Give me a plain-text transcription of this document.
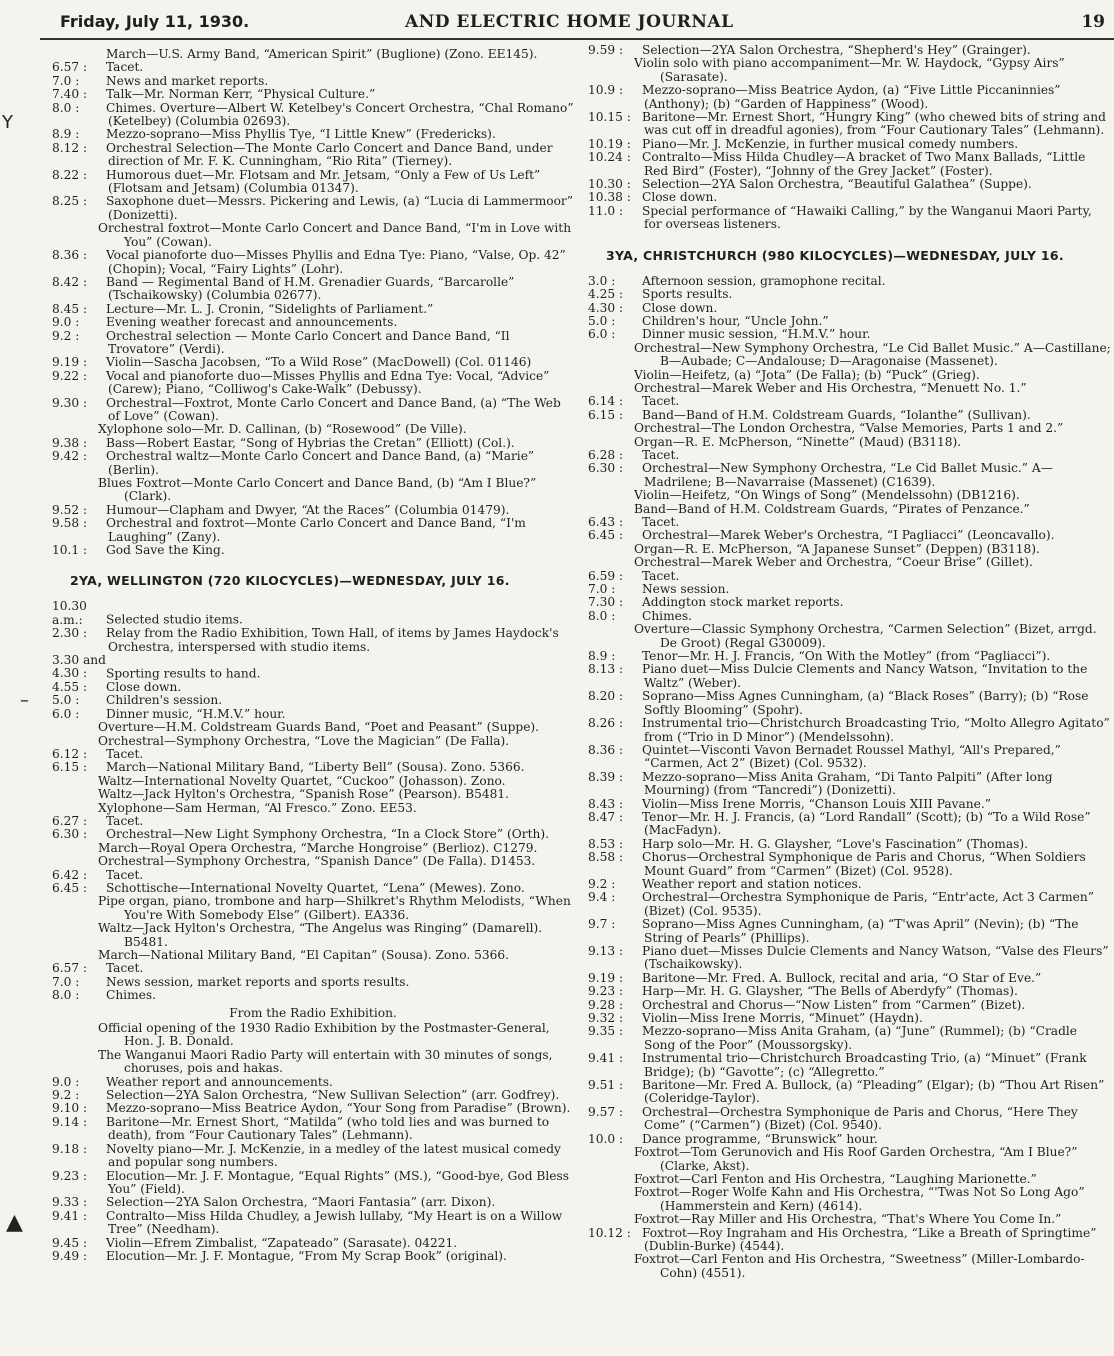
Friday, July 11, 1930.	AND ELECTRIC HOME JOURNAL	19

March—U.S. Army Band, “American Spirit” (Buglione) (Zono. EE145).

6.57 : Tacet.

7.0 : News and market reports.

7.40 : Talk—Mr. Norman Kerr, “Physical Culture.”

8.0 : Chimes. Overture—Albert W. Ketelbey's Concert Orchestra, “Chal Romano” (Ketelbey) (Columbia 02693).

8.9 : Mezzo-soprano—Miss Phyllis Tye, “I Little Knew” (Fredericks).

8.12 : Orchestral Selection—The Monte Carlo Concert and Dance Band, under direction of Mr. F. K. Cunningham, “Rio Rita” (Tierney).

8.22 : Humorous duet—Mr. Flotsam and Mr. Jetsam, “Only a Few of Us Left” (Flotsam and Jetsam) (Columbia 01347).

8.25 : Saxophone duet—Messrs. Pickering and Lewis, (a) “Lucia di Lammermoor” (Donizetti).

Orchestral foxtrot—Monte Carlo Concert and Dance Band, “I'm in Love with You” (Cowan).

8.36 : Vocal pianoforte duo—Misses Phyllis and Edna Tye: Piano, “Valse, Op. 42” (Chopin); Vocal, “Fairy Lights” (Lohr).

8.42 : Band — Regimental Band of H.M. Grenadier Guards, “Barcarolle” (Tschaikowsky) (Columbia 02677).

8.45 : Lecture—Mr. L. J. Cronin, “Sidelights of Parliament.”

9.0 : Evening weather forecast and announcements.

9.2 : Orchestral selection — Monte Carlo Concert and Dance Band, “Il Trovatore” (Verdi).

9.19 : Violin—Sascha Jacobsen, “To a Wild Rose” (MacDowell) (Col. 01146)

9.22 : Vocal and pianoforte duo—Misses Phyllis and Edna Tye: Vocal, “Advice” (Carew); Piano, “Colliwog's Cake-Walk” (Debussy).

9.30 : Orchestral—Foxtrot, Monte Carlo Concert and Dance Band, (a) “The Web of Love” (Cowan).

Xylophone solo—Mr. D. Callinan, (b) “Rosewood” (De Ville).

9.38 : Bass—Robert Eastar, “Song of Hybrias the Cretan” (Elliott) (Col.).

9.42 : Orchestral waltz—Monte Carlo Concert and Dance Band, (a) “Marie” (Berlin).

Blues Foxtrot—Monte Carlo Concert and Dance Band, (b) “Am I Blue?” (Clark).

9.52 : Humour—Clapham and Dwyer, “At the Races” (Columbia 01479).

9.58 : Orchestral and foxtrot—Monte Carlo Concert and Dance Band, “I'm Laughing” (Zany).

10.1 : God Save the King.

2YA, WELLINGTON (720 KILOCYCLES)—WEDNESDAY, JULY 16.

10.30 a.m.: Selected studio items.

2.30 : Relay from the Radio Exhibition, Town Hall, of items by James Haydock's Orchestra, interspersed with studio items.

3.30 and 4.30 : Sporting results to hand.

4.55 : Close down.

5.0 : Children's session.

6.0 : Dinner music, “H.M.V.” hour.

Overture—H.M. Coldstream Guards Band, “Poet and Peasant” (Suppe).

Orchestral—Symphony Orchestra, “Love the Magician” (De Falla).

6.12 : Tacet.

6.15 : March—National Military Band, “Liberty Bell” (Sousa). Zono. 5366.

Waltz—International Novelty Quartet, “Cuckoo” (Johasson). Zono.

Waltz—Jack Hylton's Orchestra, “Spanish Rose” (Pearson). B5481.

Xylophone—Sam Herman, “Al Fresco.” Zono. EE53.

6.27 : Tacet.

6.30 : Orchestral—New Light Symphony Orchestra, “In a Clock Store” (Orth).

March—Royal Opera Orchestra, “Marche Hongroise” (Berlioz). C1279.

Orchestral—Symphony Orchestra, “Spanish Dance” (De Falla). D1453.

6.42 : Tacet.

6.45 : Schottische—International Novelty Quartet, “Lena” (Mewes). Zono.

Pipe organ, piano, trombone and harp—Shilkret's Rhythm Melodists, “When You're With Somebody Else” (Gilbert). EA336.

Waltz—Jack Hylton's Orchestra, “The Angelus was Ringing” (Damarell). B5481.

March—National Military Band, “El Capitan” (Sousa). Zono. 5366.

6.57 : Tacet.

7.0 : News session, market reports and sports results.

8.0 : Chimes.

From the Radio Exhibition.

Official opening of the 1930 Radio Exhibition by the Postmaster-General, Hon. J. B. Donald.

The Wanganui Maori Radio Party will entertain with 30 minutes of songs, choruses, pois and hakas.

9.0 : Weather report and announcements.

9.2 : Selection—2YA Salon Orchestra, “New Sullivan Selection” (arr. Godfrey).

9.10 : Mezzo-soprano—Miss Beatrice Aydon, “Your Song from Paradise” (Brown).

9.14 : Baritone—Mr. Ernest Short, “Matilda” (who told lies and was burned to death), from “Four Cautionary Tales” (Lehmann).

9.18 : Novelty piano—Mr. J. McKenzie, in a medley of the latest musical comedy and popular song numbers.

9.23 : Elocution—Mr. J. F. Montague, “Equal Rights” (MS.), “Good-bye, God Bless You” (Field).

9.33 : Selection—2YA Salon Orchestra, “Maori Fantasia” (arr. Dixon).

9.41 : Contralto—Miss Hilda Chudley, a Jewish lullaby, “My Heart is on a Willow Tree” (Needham).

9.45 : Violin—Efrem Zimbalist, “Zapateado” (Sarasate). 04221.

9.49 : Elocution—Mr. J. F. Montague, “From My Scrap Book” (original).

9.59 : Selection—2YA Salon Orchestra, “Shepherd's Hey” (Grainger).

Violin solo with piano accompaniment—Mr. W. Haydock, “Gypsy Airs” (Sarasate).

10.9 : Mezzo-soprano—Miss Beatrice Aydon, (a) “Five Little Piccaninnies” (Anthony); (b) “Garden of Happiness” (Wood).

10.15 : Baritone—Mr. Ernest Short, “Hungry King” (who chewed bits of string and was cut off in dreadful agonies), from “Four Cautionary Tales” (Lehmann).

10.19 : Piano—Mr. J. McKenzie, in further musical comedy numbers.

10.24 : Contralto—Miss Hilda Chudley—A bracket of Two Manx Ballads, “Little Red Bird” (Foster), “Johnny of the Grey Jacket” (Foster).

10.30 : Selection—2YA Salon Orchestra, “Beautiful Galathea” (Suppe).

10.38 : Close down.

11.0 : Special performance of “Hawaiki Calling,” by the Wanganui Maori Party, for overseas listeners.

3YA, CHRISTCHURCH (980 KILOCYCLES)—WEDNESDAY, JULY 16.

3.0 : Afternoon session, gramophone recital.

4.25 : Sports results.

4.30 : Close down.

5.0 : Children's hour, “Uncle John.”

6.0 : Dinner music session, “H.M.V.” hour.

Orchestral—New Symphony Orchestra, “Le Cid Ballet Music.” A—Castillane; B—Aubade; C—Andalouse; D—Aragonaise (Massenet).

Violin—Heifetz, (a) “Jota” (De Falla); (b) “Puck” (Grieg).

Orchestral—Marek Weber and His Orchestra, “Menuett No. 1.”

6.14 : Tacet.

6.15 : Band—Band of H.M. Coldstream Guards, “Iolanthe” (Sullivan).

Orchestral—The London Orchestra, “Valse Memories, Parts 1 and 2.”

Organ—R. E. McPherson, “Ninette” (Maud) (B3118).

6.28 : Tacet.

6.30 : Orchestral—New Symphony Orchestra, “Le Cid Ballet Music.” A—Madrilene; B—Navarraise (Massenet) (C1639).

Violin—Heifetz, “On Wings of Song” (Mendelssohn) (DB1216).

Band—Band of H.M. Coldstream Guards, “Pirates of Penzance.”

6.43 : Tacet.

6.45 : Orchestral—Marek Weber's Orchestra, “I Pagliacci” (Leoncavallo).

Organ—R. E. McPherson, “A Japanese Sunset” (Deppen) (B3118).

Orchestral—Marek Weber and Orchestra, “Coeur Brise” (Gillet).

6.59 : Tacet.

7.0 : News session.

7.30 : Addington stock market reports.

8.0 : Chimes.

Overture—Classic Symphony Orchestra, “Carmen Selection” (Bizet, arrgd. De Groot) (Regal G30009).

8.9 : Tenor—Mr. H. J. Francis, “On With the Motley” (from “Pagliacci”).

8.13 : Piano duet—Miss Dulcie Clements and Nancy Watson, “Invitation to the Waltz” (Weber).

8.20 : Soprano—Miss Agnes Cunningham, (a) “Black Roses” (Barry); (b) “Rose Softly Blooming” (Spohr).

8.26 : Instrumental trio—Christchurch Broadcasting Trio, “Molto Allegro Agitato” from (“Trio in D Minor”) (Mendelssohn).

8.36 : Quintet—Visconti Vavon Bernadet Roussel Mathyl, “All's Prepared,” “Carmen, Act 2” (Bizet) (Col. 9532).

8.39 : Mezzo-soprano—Miss Anita Graham, “Di Tanto Palpiti” (After long Mourning) (from “Tancredi”) (Donizetti).

8.43 : Violin—Miss Irene Morris, “Chanson Louis XIII Pavane.”

8.47 : Tenor—Mr. H. J. Francis, (a) “Lord Randall” (Scott); (b) “To a Wild Rose” (MacFadyn).

8.53 : Harp solo—Mr. H. G. Glaysher, “Love's Fascination” (Thomas).

8.58 : Chorus—Orchestral Symphonique de Paris and Chorus, “When Soldiers Mount Guard” from “Carmen” (Bizet) (Col. 9528).

9.2 : Weather report and station notices.

9.4 : Orchestral—Orchestra Symphonique de Paris, “Entr'acte, Act 3 Carmen” (Bizet) (Col. 9535).

9.7 : Soprano—Miss Agnes Cunningham, (a) “T'was April” (Nevin); (b) “The String of Pearls” (Phillips).

9.13 : Piano duet—Misses Dulcie Clements and Nancy Watson, “Valse des Fleurs” (Tschaikowsky).

9.19 : Baritone—Mr. Fred. A. Bullock, recital and aria, “O Star of Eve.”

9.23 : Harp—Mr. H. G. Glaysher, “The Bells of Aberdyfy” (Thomas).

9.28 : Orchestral and Chorus—“Now Listen” from “Carmen” (Bizet).

9.32 : Violin—Miss Irene Morris, “Minuet” (Haydn).

9.35 : Mezzo-soprano—Miss Anita Graham, (a) “June” (Rummel); (b) “Cradle Song of the Poor” (Moussorgsky).

9.41 : Instrumental trio—Christchurch Broadcasting Trio, (a) “Minuet” (Frank Bridge); (b) “Gavotte”; (c) “Allegretto.”

9.51 : Baritone—Mr. Fred A. Bullock, (a) “Pleading” (Elgar); (b) “Thou Art Risen” (Coleridge-Taylor).

9.57 : Orchestral—Orchestra Symphonique de Paris and Chorus, “Here They Come” (“Carmen”) (Bizet) (Col. 9540).

10.0 : Dance programme, “Brunswick” hour.

Foxtrot—Tom Gerunovich and His Roof Garden Orchestra, “Am I Blue?” (Clarke, Akst).

Foxtrot—Carl Fenton and His Orchestra, “Laughing Marionette.”

Foxtrot—Roger Wolfe Kahn and His Orchestra, “'Twas Not So Long Ago” (Hammerstein and Kern) (4614).

Foxtrot—Ray Miller and His Orchestra, “That's Where You Come In.”

10.12 : Foxtrot—Roy Ingraham and His Orchestra, “Like a Breath of Springtime” (Dublin-Burke) (4544).

Foxtrot—Carl Fenton and His Orchestra, “Sweetness” (Miller-Lombardo-Cohn) (4551).

Y
–
▲
